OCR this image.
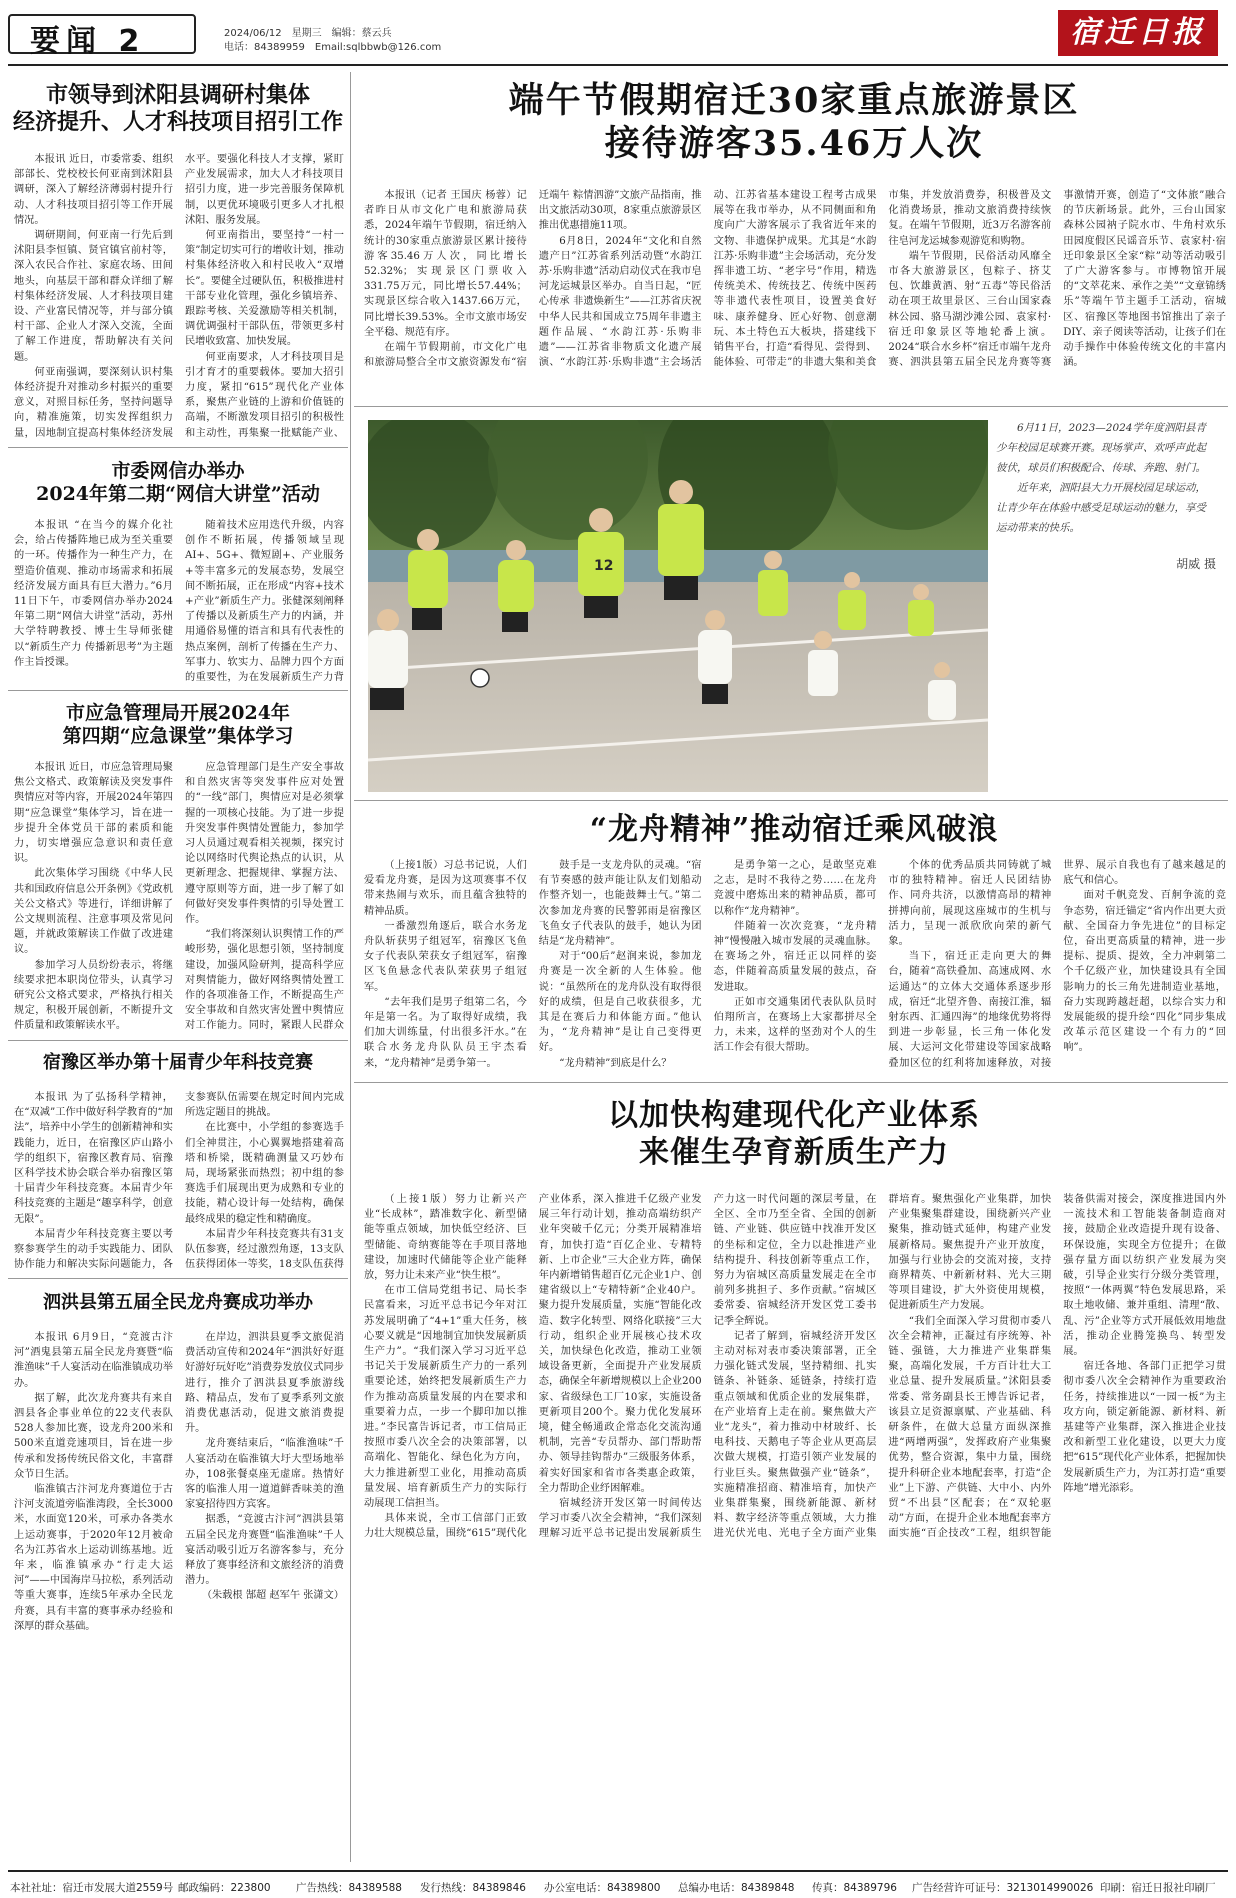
要闻 2	2024/06/12　星期三　编辑：蔡云兵
电话：84389959　Email:sqlbbwb@126.com	宿迁日报
市领导到沭阳县调研村集体
经济提升、人才科技项目招引工作

本报讯 近日，市委常委、组织部部长、党校校长何亚南到沭阳县调研，深入了解经济薄弱村提升行动、人才科技项目招引等工作开展情况。

调研期间，何亚南一行先后到沭阳县李恒镇、贤官镇官前村等，深入农民合作社、家庭农场、田间地头，向基层干部和群众详细了解村集体经济发展、人才科技项目建设、产业富民情况等，并与部分镇村干部、企业人才深入交流，全面了解工作进度，帮助解决有关问题。

何亚南强调，要深刻认识村集体经济提升对推动乡村振兴的重要意义，对照目标任务，坚持问题导向，精准施策，切实发挥组织力量，因地制宜提高村集体经济发展水平。要强化科技人才支撑，紧盯产业发展需求，加大人才科技项目招引力度，进一步完善服务保障机制，以更优环境吸引更多人才扎根沭阳、服务发展。

何亚南指出，要坚持“一村一策”制定切实可行的增收计划，推动村集体经济收入和村民收入“双增长”。要健全过硬队伍，积极推进村干部专业化管理，强化乡镇培养、跟踪考核、关爱激励等相关机制，调优调强村干部队伍，带领更多村民增收致富、加快发展。

何亚南要求，人才科技项目是引才育才的重要载体。要加大招引力度，紧扣“615”现代化产业体系，聚焦产业链的上游和价值链的高端，不断激发项目招引的积极性和主动性，再集聚一批赋能产业、

市委网信办举办
2024年第二期“网信大讲堂”活动

本报讯 “在当今的媒介化社会，给占传播阵地已成为至关重要的一环。传播作为一种生产力，在塑造价值观、推动市场需求和拓展经济发展方面具有巨大潜力。”6月11日下午，市委网信办举办2024年第二期“网信大讲堂”活动，苏州大学特聘教授、博士生导师张健以“新质生产力 传播新思考”为主题作主旨授课。

随着技术应用迭代升级，内容创作不断拓展，传播领域呈现AI+、5G+、微短剧+、产业服务+等丰富多元的发展态势，发展空间不断拓展，正在形成“内容+技术+产业”新质生产力。张健深刻阐释了传播以及新质生产力的内涵，并用通俗易懂的语言和具有代表性的热点案例，剖析了传播在生产力、军事力、软实力、品牌力四个方面的重要性，为在发展新质生产力背

市应急管理局开展2024年
第四期“应急课堂”集体学习

本报讯 近日，市应急管理局聚焦公文格式、政策解读及突发事件舆情应对等内容，开展2024年第四期“应急课堂”集体学习，旨在进一步提升全体党员干部的素质和能力，切实增强应急意识和责任意识。

此次集体学习围绕《中华人民共和国政府信息公开条例》《党政机关公文格式》等进行，详细讲解了公文规则流程、注意事项及常见问题，并就政策解读工作做了改进建议。

参加学习人员纷纷表示，将继续要求把本职岗位带头，认真学习研究公文格式要求，严格执行相关规定，积极开展创新，不断提升文件质量和政策解读水平。

应急管理部门是生产安全事故和自然灾害等突发事件应对处置的“一线”部门，舆情应对是必须掌握的一项核心技能。为了进一步提升突发事件舆情处置能力，参加学习人员通过观看相关视频，探究讨论以网络时代舆论热点的认识，从更新理念、把握规律、掌握方法、遵守原则等方面，进一步了解了如何做好突发事件舆情的引导处置工作。

“我们将深刻认识舆情工作的严峻形势，强化思想引领，坚持制度建设，加强风险研判，提高科学应对舆情能力，做好网络舆情处置工作的各项准备工作，不断提高生产安全事故和自然灾害处置中舆情应对工作能力。同时，紧跟人民群众

宿豫区举办第十届青少年科技竞赛

本报讯 为了弘扬科学精神，在“双减”工作中做好科学教育的“加法”，培养中小学生的创新精神和实践能力，近日，在宿豫区庐山路小学的组织下，宿豫区教育局、宿豫区科学技术协会联合举办宿豫区第十届青少年科技竞赛。本届青少年科技竞赛的主题是“趣享科学，创意无限”。

本届青少年科技竞赛主要以考察参赛学生的动手实践能力、团队协作能力和解决实际问题能力，各支参赛队伍需要在规定时间内完成所选定题目的挑战。

在比赛中，小学组的参赛选手们全神贯注，小心翼翼地搭建着高塔和桥梁，既精确测量又巧妙布局，现场紧张而热烈；初中组的参赛选手们展现出更为成熟和专业的技能，精心设计每一处结构，确保最终成果的稳定性和精确度。

本届青少年科技竞赛共有31支队伍参赛，经过激烈角逐，13支队伍获得团体一等奖，18支队伍获得

泗洪县第五届全民龙舟赛成功举办

本报讯 6月9日，“竞渡古汴河”酒鬼县第五届全民龙舟赛暨“临淮渔味”千人宴活动在临淮镇成功举办。

据了解，此次龙舟赛共有来自泗县各企事业单位的22支代表队528人参加比赛，设龙舟200米和500米直道竞速项目，旨在进一步传承和发扬传统民俗文化，丰富群众节日生活。

临淮镇古汴河龙舟赛道位于古汴河支流道旁临淮湾段，全长3000米，水面宽120米，可承办各类水上运动赛事，于2020年12月被命名为江苏省水上运动训练基地。近年来，临淮镇承办“行走大运河”——中国海岸马拉松，系列活动等重大赛事，连续5年承办全民龙舟赛，具有丰富的赛事承办经验和深厚的群众基础。

在岸边，泗洪县夏季文旅促消费活动宣传和2024年“泗洪好好逛 好游好玩好吃”消费券发放仪式同步进行，推介了泗洪县夏季旅游线路、精品点，发布了夏季系列文旅消费优惠活动，促进文旅消费提升。

龙舟赛结束后，“临淮渔味”千人宴活动在临淮镇大圩大型场地举办，108张餐桌座无虚席。热情好客的临淮人用一道道鲜香味美的渔家宴招待四方宾客。

据悉，“竞渡古汴河”泗洪县第五届全民龙舟赛暨“临淮渔味”千人宴活动吸引近万名游客参与，充分释放了赛事经济和文旅经济的消费潜力。

（朱载根 郜超 赵军午 张潇文）
端午节假期宿迁30家重点旅游景区
接待游客35.46万人次

本报讯（记者 王国庆 杨蓉）记者昨日从市文化广电和旅游局获悉，2024年端午节假期，宿迁纳入统计的30家重点旅游景区累计接待游客35.46万人次，同比增长52.32%；实现景区门票收入331.75万元，同比增长57.44%；实现景区综合收入1437.66万元，同比增长39.53%。全市文旅市场安全平稳、规范有序。

在端午节假期前，市文化广电和旅游局整合全市文旅资源发布“宿迁端午 粽情泗游”文旅产品指南，推出文旅活动30项，8家重点旅游景区推出优惠措施11项。

6月8日，2024年“文化和自然遗产日”江苏省系列活动暨“水韵江苏·乐购非遗”活动启动仪式在我市皂河龙运城景区举办。自当日起，“匠心传承 非遗焕新生”——江苏省庆祝中华人民共和国成立75周年非遗主题作品展、“水韵江苏·乐购非遗”——江苏省非物质文化遗产展演、“水韵江苏·乐购非遗”主会场活动、江苏省基本建设工程考古成果展等在我市举办，从不同侧面和角度向广大游客展示了我省近年来的文物、非遗保护成果。尤其是“水韵江苏·乐购非遗”主会场活动，充分发挥非遗工坊、“老字号”作用，精选传统美术、传统技艺、传统中医药等非遗代表性项目，设置美食好味、康养健身、匠心好物、创意潮玩、本土特色五大板块，搭建线下销售平台，打造“看得见、尝得到、能体验、可带走”的非遗大集和美食市集，并发放消费券，积极普及文化消费场景，推动文旅消费持续恢复。在端午节假期，近3万名游客前往皂河龙运城参观游览和购物。

端午节假期，民俗活动风靡全市各大旅游景区，包粽子、挤艾包、饮雄黄酒、射“五毒”等民俗活动在项王故里景区、三台山国家森林公园、骆马湖沙滩公园、袁家村·宿迁印象景区等地轮番上演。2024“联合水乡杯”宿迁市端午龙舟赛、泗洪县第五届全民龙舟赛等赛事激情开赛，创造了“文体旅”融合的节庆新场景。此外，三台山国家森林公园衲子院水市、牛角村欢乐田园度假区民谣音乐节、袁家村·宿迁印象景区全家“粽”动等活动吸引了广大游客参与。市博物馆开展的“文萃花来、承作之美”“文章锦绣乐”等端午节主题手工活动，宿城区、宿豫区等地图书馆推出了亲子DIY、亲子阅读等活动，让孩子们在动手操作中体验传统文化的丰富内涵。

12

6月11日，2023—2024学年度泗阳县青少年校园足球赛开赛。现场掌声、欢呼声此起彼伏，球员们积极配合、传球、奔跑、射门。

近年来，泗阳县大力开展校园足球运动，让青少年在体验中感受足球运动的魅力，享受运动带来的快乐。

胡威 摄
“龙舟精神”推动宿迁乘风破浪

（上接1版）习总书记说，人们爱看龙舟赛，是因为这项赛事不仅带来热闹与欢乐，而且蕴含独特的精神品质。

一番激烈角逐后，联合水务龙舟队斩获男子组冠军，宿豫区飞鱼女子代表队荣获女子组冠军，宿豫区飞鱼悬念代表队荣获男子组冠军。

“去年我们是男子组第二名，今年是第一名。为了取得好成绩，我们加大训练量，付出很多汗水。”在联合水务龙舟队队员王宇杰看来，“龙舟精神”是勇争第一。

鼓手是一支龙舟队的灵魂。“宿有节奏感的鼓声能让队友们划船动作整齐划一，也能鼓舞士气。”第二次参加龙舟赛的民警郭雨是宿豫区飞鱼女子代表队的鼓手，她认为团结是“龙舟精神”。

对于“00后”赵润来说，参加龙舟赛是一次全新的人生体验。他说：“虽然所在的龙舟队没有取得很好的成绩，但是自己收获很多，尤其是在赛后力和体能方面。”他认为，“龙舟精神”是让自己变得更好。

“龙舟精神”到底是什么？

是勇争第一之心，是敢坚克难之志，是时不我待之势……在龙舟竞渡中磨炼出来的精神品质，都可以称作“龙舟精神”。

伴随着一次次竞赛，“龙舟精神”慢慢融入城市发展的灵魂血脉。在赛场之外，宿迁正以同样的姿态，伴随着高质量发展的鼓点，奋发进取。

正如市交通集团代表队队员时伯翔所言，在赛场上大家都拼尽全力，未来，这样的坚劲对个人的生活工作会有很大帮助。

个体的优秀品质共同铸就了城市的独特精神。宿迁人民团结协作、同舟共济，以激情高昂的精神拼搏向前，展现这座城市的生机与活力，呈现一派欣欣向荣的新气象。

当下，宿迁正走向更大的舞台，随着“高铁叠加、高速成网、水运通达”的立体大交通体系逐步形成，宿迁“北望齐鲁、南接江淮，辐射东西、汇通四海”的地缘优势将得到进一步彰显，长三角一体化发展、大运河文化带建设等国家战略叠加区位的红利将加速释放，对接世界、展示自我也有了越来越足的底气和信心。

面对千帆竞发、百舸争流的竞争态势，宿迁锚定“省内作出更大贡献、全国奋力争先进位”的目标定位，奋出更高质量的精神，进一步提标、提质、提效，全力冲刺第二个千亿级产业，加快建设具有全国影响力的长三角先进制造业基地，奋力实现跨越赶超，以综合实力和发展能级的提升绘“四化”同步集成改革示范区建设一个有力的“回响”。

以加快构建现代化产业体系
来催生孕育新质生产力

（上接1版）努力让新兴产业“长成林”，踏准数字化、新型储能等重点领域，加快低空经济、巨型储能、奇纳赛能等在手项目落地建设，加速时代储能等企业产能释放，努力让未来产业“快生根”。

在市工信局党组书记、局长李民富看来，习近平总书记今年对江苏发展明确了“4+1”重大任务，核心要义就是“因地制宜加快发展新质生产力”。“我们深入学习习近平总书记关于发展新质生产力的一系列重要论述，始终把发展新质生产力作为推动高质量发展的内在要求和重要着力点，一步一个脚印加以推进。”李民富告诉记者，市工信局正按照市委八次全会的决策部署，以高端化、智能化、绿色化为方向，大力推进新型工业化，用推动高质量发展、培育新质生产力的实际行动展现工信担当。

具体来说，全市工信部门正致力壮大规模总量，围绕“615”现代化产业体系，深入推进千亿级产业发展三年行动计划，推动高端纺织产业年突破千亿元；分类开展精准培育，加快打造“百亿企业、专精特新、上市企业”三大企业方阵，确保年内新增销售超百亿元企业1户、创建省级以上“专精特新”企业40户。聚力提升发展质量，实施“智能化改造、数字化转型、网络化联接”三大行动，组织企业开展核心技术攻关，加快绿色化改造，推动工业领域设备更新，全面提升产业发展质态，确保全年新增规模以上企业200家、省级绿色工厂10家，实施设备更新项目200个。聚力优化发展环境，健全畅通政企常态化交流沟通机制，完善“专员帮办、部门帮助帮办、领导挂钩帮办”三级服务体系，着实好国家和省市各类惠企政策，全力帮助企业纾困解难。

宿城经济开发区第一时间传达学习市委八次全会精神，“我们深刻理解习近平总书记提出发展新质生产力这一时代问题的深层考量，在全区、全市乃至全省、全国的创新链、产业链、供应链中找准开发区的坐标和定位，全力以赴推进产业结构提升、科技创新等重点工作，努力为宿城区高质量发展走在全市前列多挑担子、多作贡献。”宿城区委常委、宿城经济开发区党工委书记季全辉说。

记者了解到，宿城经济开发区主动对标对表市委决策部署，正全力强化链式发展，坚持精细、扎实链条、补链条、延链条，持续打造重点领域和优质企业的发展集群，在产业培育上走在前。聚焦做大产业“龙头”，着力推动中材玻纤、长电科技、天鹅电子等企业从更高层次做大规模，打造引领产业发展的行业巨头。聚焦做强产业“链条”，实施精准招商、精准培育，加快产业集群集聚，围绕新能源、新材料、数字经济等重点领域，大力推进光伏光电、光电子全方面产业集群培育。聚焦强化产业集群，加快产业集聚集群建设，围绕新兴产业聚集，推动链式延伸，构建产业发展新格局。聚焦提升产业开放度，加强与行业协会的交流对接，支持商界精英、中新新材料、光大三期等项目建设，扩大外资使用规模，促进新质生产力发展。

“我们全面深入学习贯彻市委八次全会精神，正凝过有序统筹、补链、强链，大力推进产业集群集聚，高端化发展，千方百计壮大工业总量、提升发展质量。”沭阳县委常委、常务副县长王博告诉记者，该县立足资源禀赋、产业基础、科研条件，在做大总量方面纵深推进“两增两强”，发挥政府产业集聚优势，整合资源，集中力量，围绕提升科研企业本地配套率，打造“企业”上下游、产供链、大中小、内外贸“不出县”区配套；在“双轮驱动”方面，在提升企业本地配套率方面实施“百企技改”工程，组织智能装备供需对接会，深度推进国内外一流技术和工智能装备制造商对接，鼓励企业改造提升现有设备、环保设施，实现全方位提升；在做强存量方面以纺织产业发展为突破，引导企业实行分级分类管理，按照“一体两翼”特色发展思路，采取土地收储、兼并重组、清理“散、乱、污”企业等方式开展低效用地盘活，推动企业腾笼换鸟、转型发展。

宿迁各地、各部门正把学习贯彻市委八次全会精神作为重要政治任务，持续推进以“一园一板”为主攻方向，锁定新能源、新材料、新基建等产业集群，深入推进企业技改和新型工业化建设，以更大力度把“615”现代化产业体系，把握加快发展新质生产力，为江苏打造“重要阵地”增光添彩。

本社社址：宿迁市发展大道2559号 邮政编码：223800 广告热线：84389588 发行热线：84389846 办公室电话：84389800 总编办电话：84389848 传真：84389796 广告经营许可证号：3213014990026 印刷：宿迁日报社印刷厂
